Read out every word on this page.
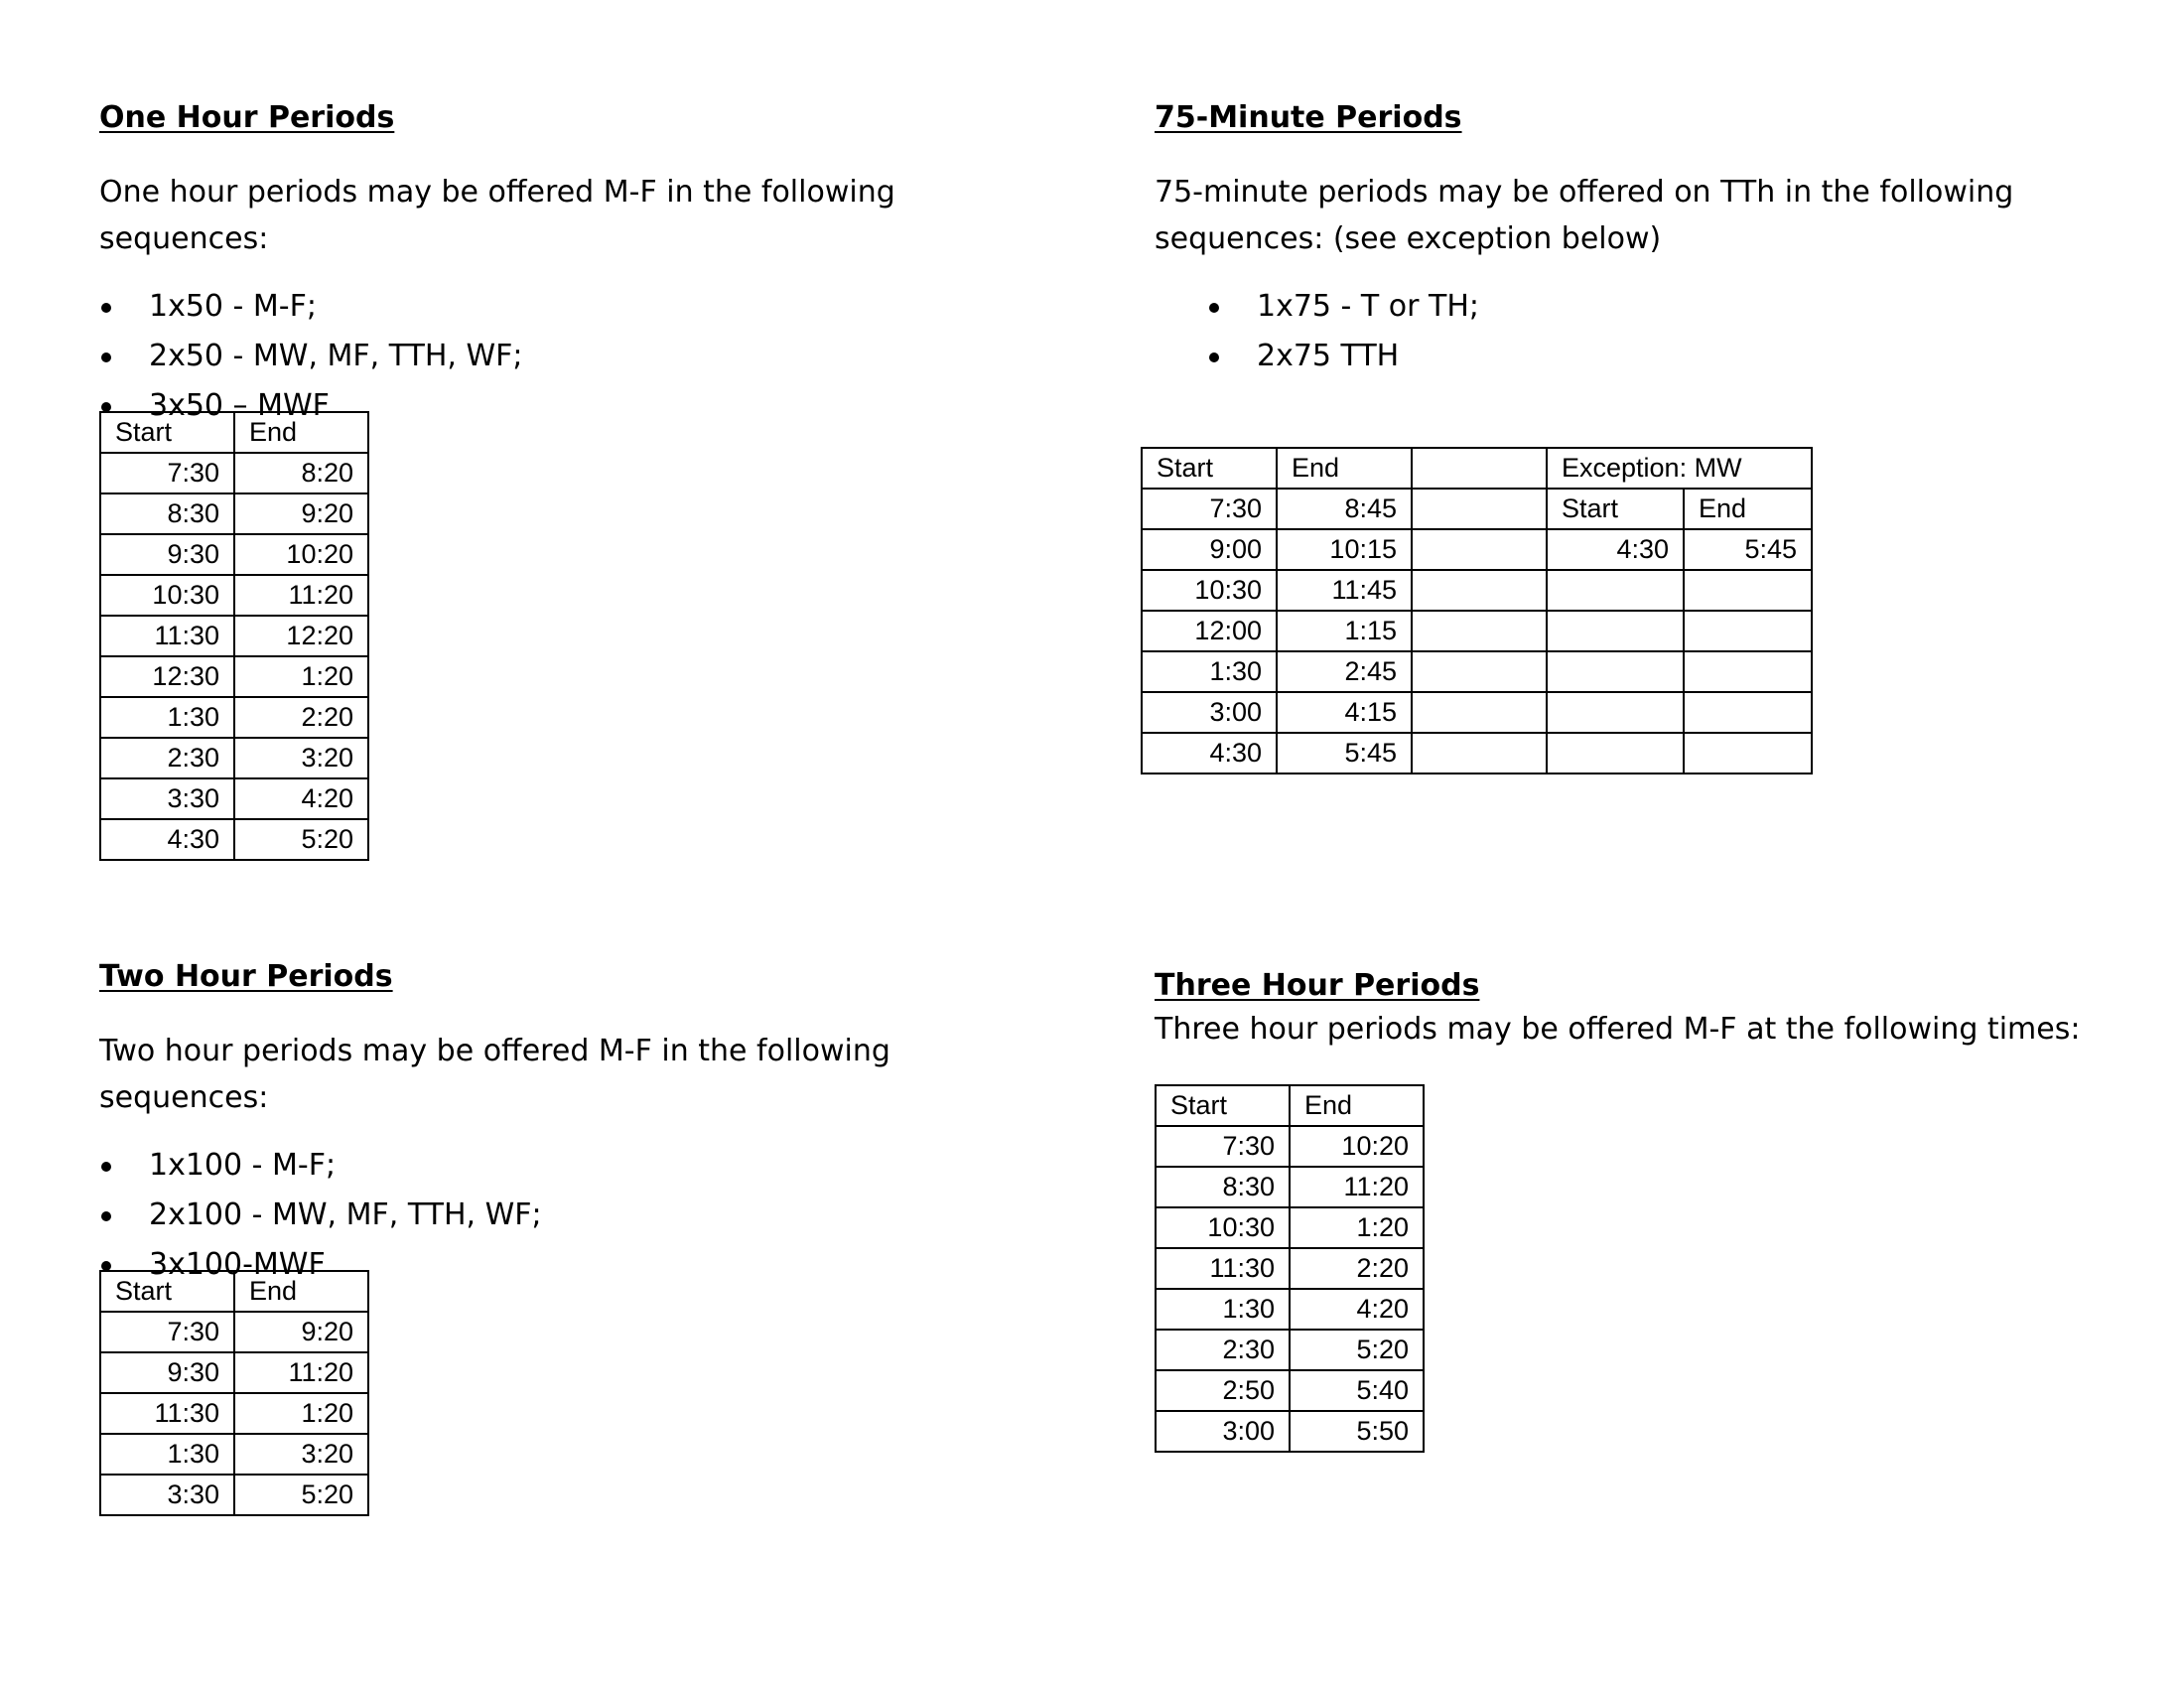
One Hour Periods

One hour periods may be offered M-F in the following sequences:

1x50 - M-F;
2x50 - MW, MF, TTH, WF;
3x50 – MWF
Start	End
7:30	8:20
8:30	9:20
9:30	10:20
10:30	11:20
11:30	12:20
12:30	1:20
1:30	2:20
2:30	3:20
3:30	4:20
4:30	5:20

75-Minute Periods

75-minute periods may be offered on TTh in the following

sequences: (see exception below)

1x75 - T or TH;
2x75 TTH
Start	End		Exception: MW	
7:30	8:45		Start	End
9:00	10:15		4:30	5:45
10:30	11:45			
12:00	1:15			
1:30	2:45			
3:00	4:15			
4:30	5:45			

Two Hour Periods

Two hour periods may be offered M-F in the following sequences:

1x100 - M-F;
2x100 - MW, MF, TTH, WF;
3x100-MWF
Start	End
7:30	9:20
9:30	11:20
11:30	1:20
1:30	3:20
3:30	5:20

Three Hour Periods

Three hour periods may be offered M-F at the following times:

Start	End
7:30	10:20
8:30	11:20
10:30	1:20
11:30	2:20
1:30	4:20
2:30	5:20
2:50	5:40
3:00	5:50
